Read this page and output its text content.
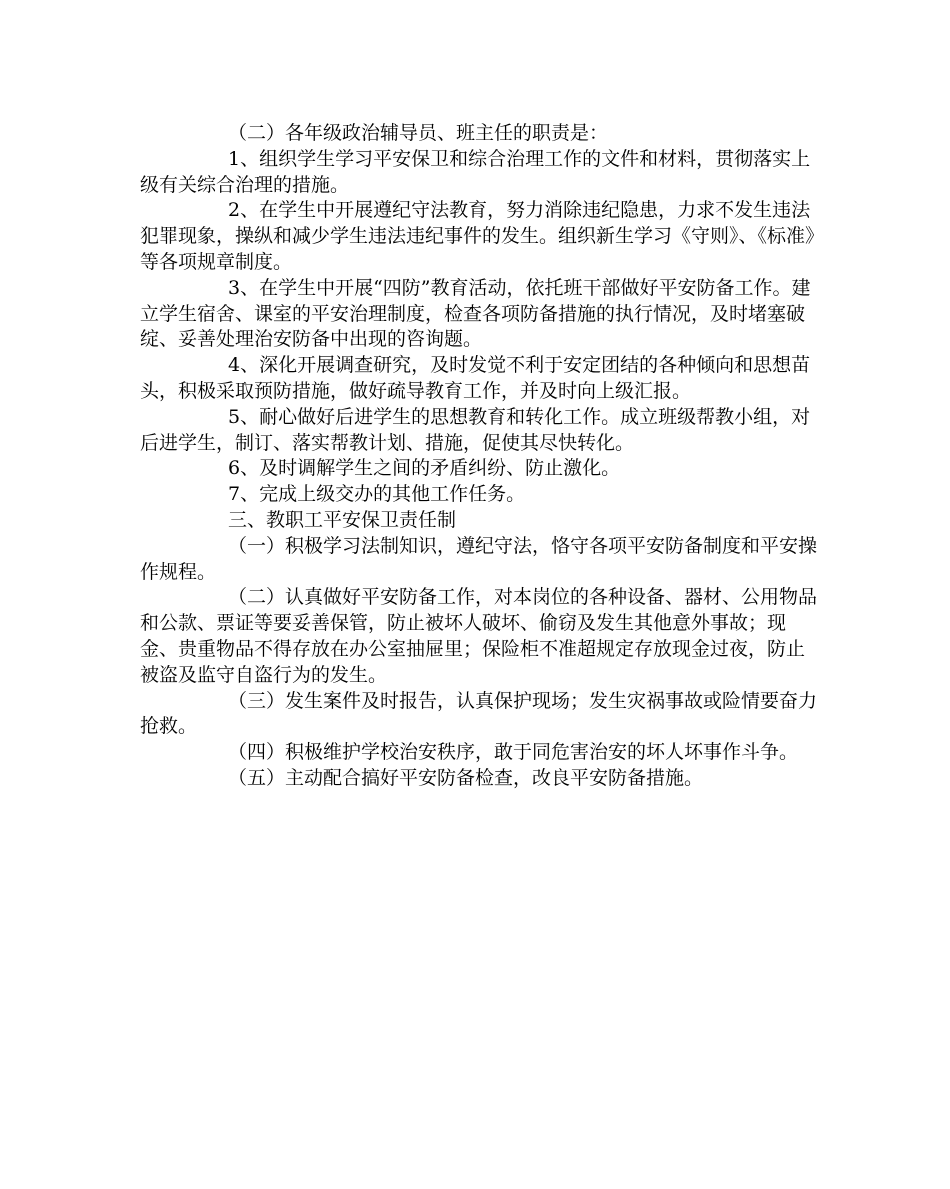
（二）各年级政治辅导员、班主任的职责是：

1、组织学生学习平安保卫和综合治理工作的文件和材料，贯彻落实上级有关综合治理的措施。

2、在学生中开展遵纪守法教育，努力消除违纪隐患，力求不发生违法犯罪现象，操纵和减少学生违法违纪事件的发生。组织新生学习《守则》、《标准》等各项规章制度。

3、在学生中开展“四防”教育活动，依托班干部做好平安防备工作。建立学生宿舍、课室的平安治理制度，检查各项防备措施的执行情况，及时堵塞破绽、妥善处理治安防备中出现的咨询题。

4、深化开展调查研究，及时发觉不利于安定团结的各种倾向和思想苗头，积极采取预防措施，做好疏导教育工作，并及时向上级汇报。

5、耐心做好后进学生的思想教育和转化工作。成立班级帮教小组，对后进学生，制订、落实帮教计划、措施，促使其尽快转化。

6、及时调解学生之间的矛盾纠纷、防止激化。

7、完成上级交办的其他工作任务。

三、教职工平安保卫责任制

（一）积极学习法制知识，遵纪守法，恪守各项平安防备制度和平安操作规程。

（二）认真做好平安防备工作，对本岗位的各种设备、器材、公用物品和公款、票证等要妥善保管，防止被坏人破坏、偷窃及发生其他意外事故；现金、贵重物品不得存放在办公室抽屉里；保险柜不准超规定存放现金过夜，防止被盗及监守自盗行为的发生。

（三）发生案件及时报告，认真保护现场；发生灾祸事故或险情要奋力抢救。

（四）积极维护学校治安秩序，敢于同危害治安的坏人坏事作斗争。

（五）主动配合搞好平安防备检查，改良平安防备措施。
